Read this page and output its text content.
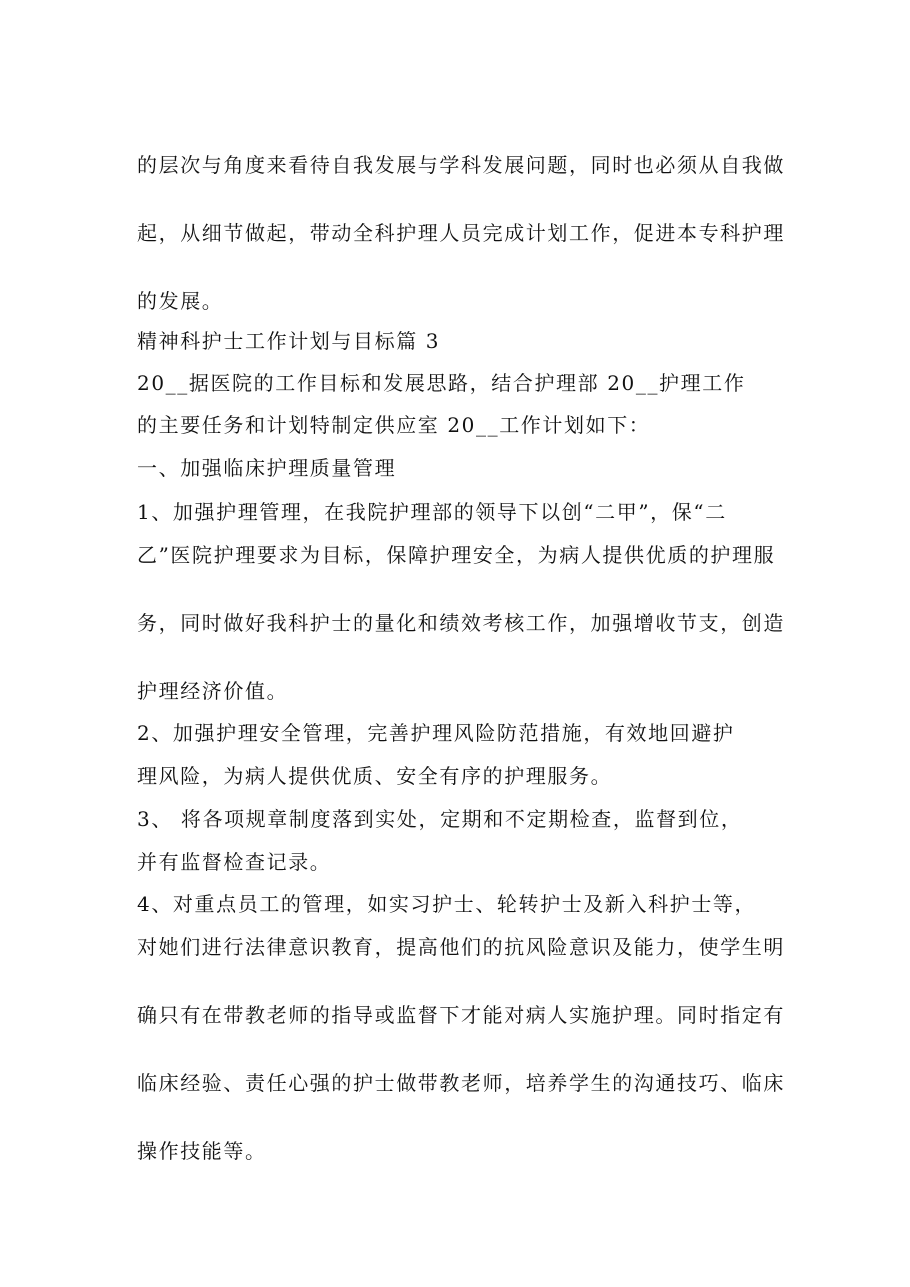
的层次与角度来看待自我发展与学科发展问题，同时也必须从自我做

起，从细节做起，带动全科护理人员完成计划工作，促进本专科护理

的发展。

精神科护士工作计划与目标篇 3

20__据医院的工作目标和发展思路，结合护理部 20__护理工作

的主要任务和计划特制定供应室 20__工作计划如下：

一、加强临床护理质量管理

1、加强护理管理，在我院护理部的领导下以创“二甲”，保“二

乙”医院护理要求为目标，保障护理安全，为病人提供优质的护理服

务，同时做好我科护士的量化和绩效考核工作，加强增收节支，创造

护理经济价值。

2、加强护理安全管理，完善护理风险防范措施，有效地回避护

理风险，为病人提供优质、安全有序的护理服务。

3、 将各项规章制度落到实处，定期和不定期检查，监督到位，

并有监督检查记录。

4、对重点员工的管理，如实习护士、轮转护士及新入科护士等，

对她们进行法律意识教育，提高他们的抗风险意识及能力，使学生明

确只有在带教老师的指导或监督下才能对病人实施护理。同时指定有

临床经验、责任心强的护士做带教老师，培养学生的沟通技巧、临床

操作技能等。
